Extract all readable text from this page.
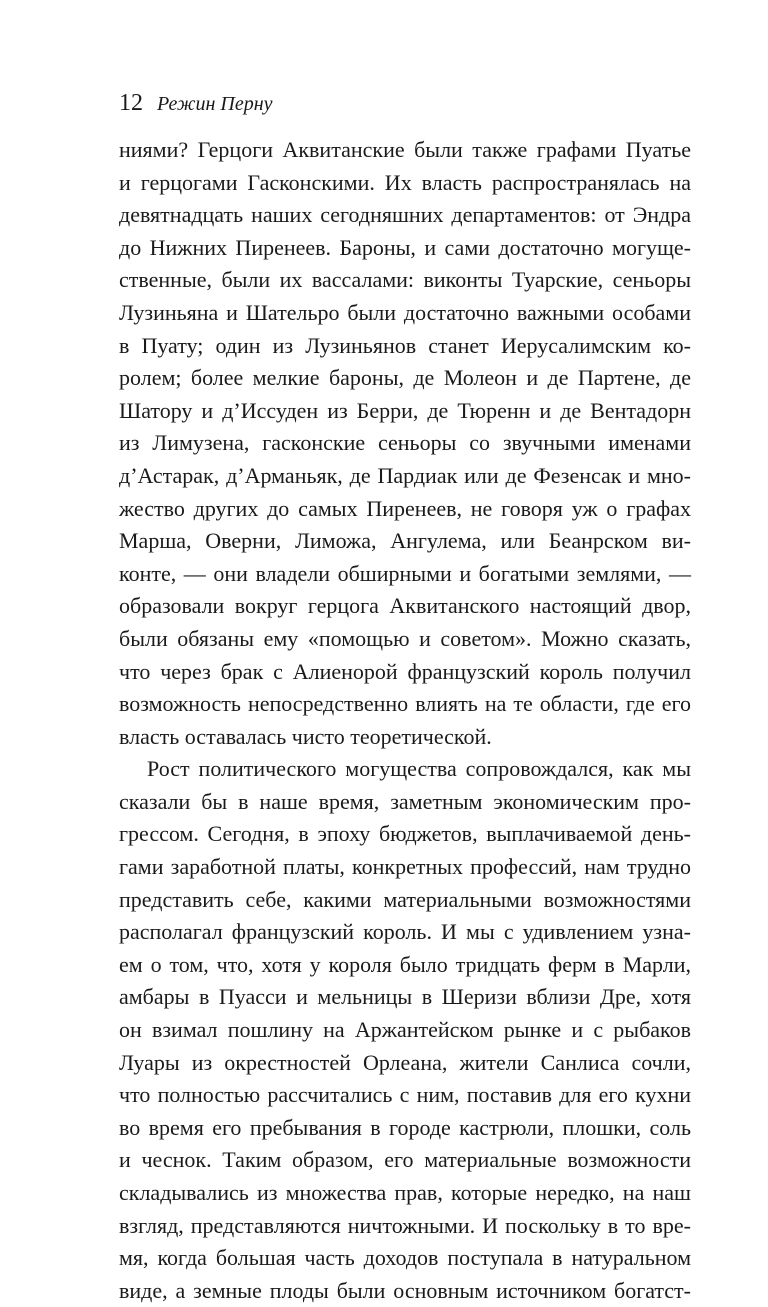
12 Режин Перну
ниями? Герцоги Аквитанские были также графами Пуатье
и герцогами Гасконскими. Их власть распространялась на
девятнадцать наших сегодняшних департаментов: от Эндра
до Нижних Пиренеев. Бароны, и сами достаточно могуще-
ственные, были их вассалами: виконты Туарские, сеньоры
Лузиньяна и Шательро были достаточно важными особами
в Пуату; один из Лузиньянов станет Иерусалимским ко-
ролем; более мелкие бароны, де Молеон и де Партене, де
Шатору и д’Иссуден из Берри, де Тюренн и де Вентадорн
из Лимузена, гасконские сеньоры со звучными именами
д’Астарак, д’Арманьяк, де Пардиак или де Фезенсак и мно-
жество других до самых Пиренеев, не говоря уж о графах
Марша, Оверни, Лиможа, Ангулема, или Беанрском ви-
конте, — они владели обширными и богатыми землями, —
образовали вокруг герцога Аквитанского настоящий двор,
были обязаны ему «помощью и советом». Можно сказать,
что через брак с Алиенорой французский король получил
возможность непосредственно влиять на те области, где его
власть оставалась чисто теоретической.
Рост политического могущества сопровождался, как мы
сказали бы в наше время, заметным экономическим про-
грессом. Сегодня, в эпоху бюджетов, выплачиваемой день-
гами заработной платы, конкретных профессий, нам трудно
представить себе, какими материальными возможностями
располагал французский король. И мы с удивлением узна-
ем о том, что, хотя у короля было тридцать ферм в Марли,
амбары в Пуасси и мельницы в Шеризи вблизи Дре, хотя
он взимал пошлину на Аржантейском рынке и с рыбаков
Луары из окрестностей Орлеана, жители Санлиса сочли,
что полностью рассчитались с ним, поставив для его кухни
во время его пребывания в городе кастрюли, плошки, соль
и чеснок. Таким образом, его материальные возможности
складывались из множества прав, которые нередко, на наш
взгляд, представляются ничтожными. И поскольку в то вре-
мя, когда большая часть доходов поступала в натуральном
виде, а земные плоды были основным источником богатст-
